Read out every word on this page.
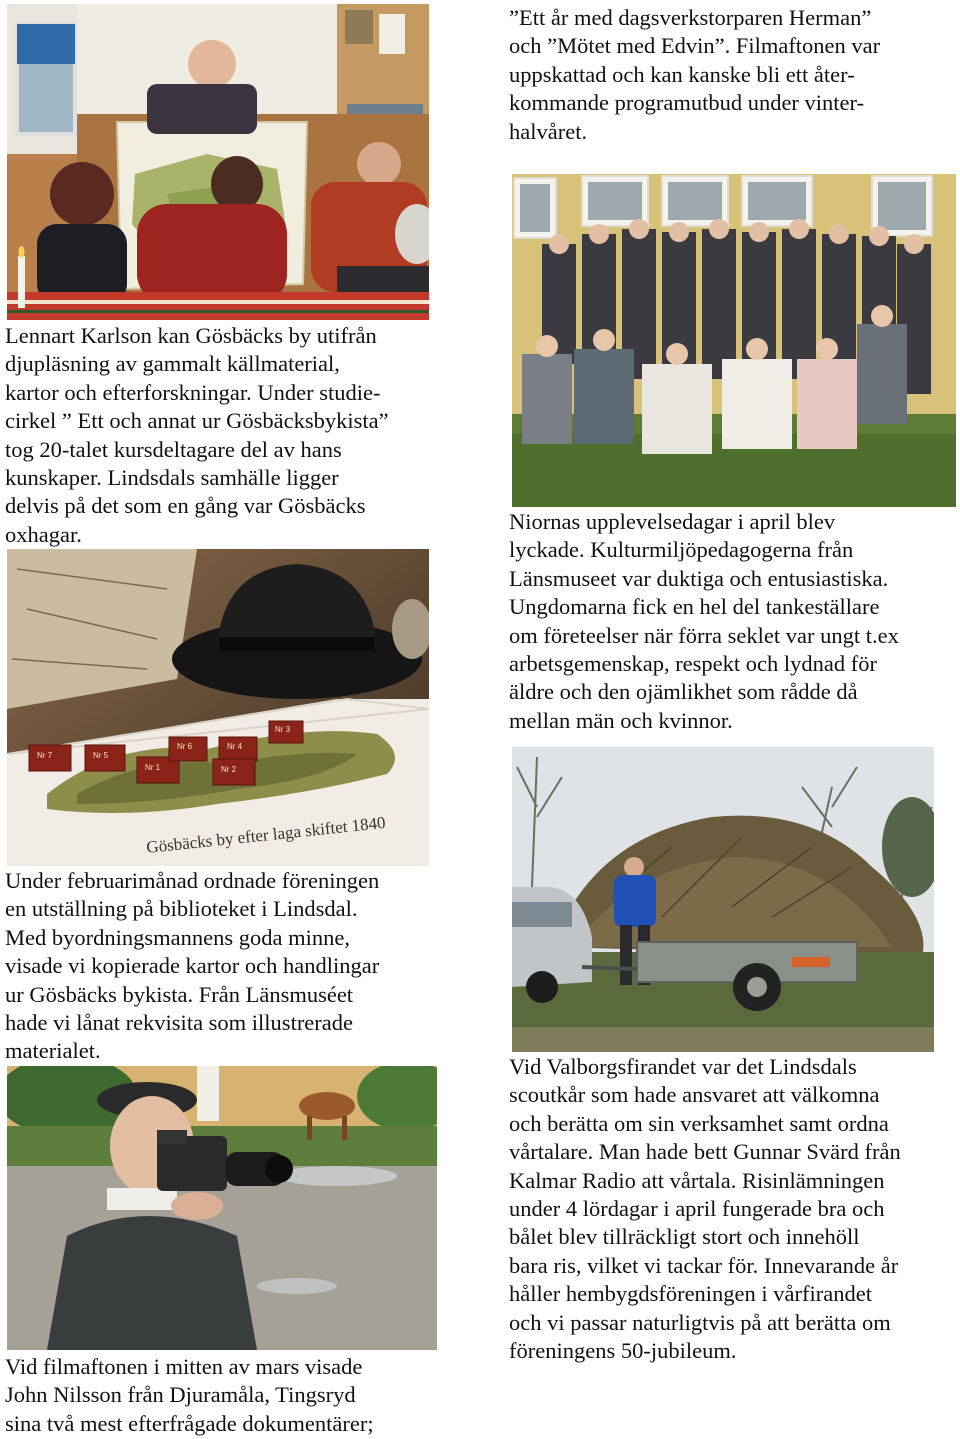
Lennart Karlson kan Gösbäcks by utifrån
djupläsning av gammalt källmaterial,
kartor och efterforskningar. Under studie-
cirkel ” Ett och annat ur Gösbäcksbykista”
tog 20-talet kursdeltagare del av hans
kunskaper. Lindsdals samhälle ligger
delvis på det som en gång var Gösbäcks
oxhagar.

Nr 7	Nr 5
Nr 1
Nr 6	Nr 4
Nr 2
Nr 3
Gösbäcks by efter laga skiftet 1840

Under februarimånad ordnade föreningen
en utställning på biblioteket i Lindsdal.
Med byordningsmannens goda minne,
visade vi kopierade kartor och handlingar
ur Gösbäcks bykista. Från Länsmuséet
hade vi lånat rekvisita som illustrerade
materialet.

Vid filmaftonen i mitten av mars visade
John Nilsson från Djuramåla, Tingsryd
sina två mest efterfrågade dokumentärer;

”Ett år med dagsverkstorparen Herman”
och ”Mötet med Edvin”. Filmaftonen var
uppskattad och kan kanske bli ett åter-
kommande programutbud under vinter-
halvåret.

Niornas upplevelsedagar i april blev
lyckade. Kulturmiljöpedagogerna från
Länsmuseet var duktiga och entusiastiska.
Ungdomarna fick en hel del tankeställare
om företeelser när förra seklet var ungt t.ex
arbetsgemenskap, respekt och lydnad för
äldre och den ojämlikhet som rådde då
mellan män och kvinnor.

Vid Valborgsfirandet var det Lindsdals
scoutkår som hade ansvaret att välkomna
och berätta om sin verksamhet samt ordna
vårtalare. Man hade bett Gunnar Svärd från
Kalmar Radio att vårtala. Risinlämningen
under 4 lördagar i april fungerade bra och
bålet blev tillräckligt stort och innehöll
bara ris, vilket vi tackar för. Innevarande år
håller hembygdsföreningen i vårfirandet
och vi passar naturligtvis på att berätta om
föreningens 50-jubileum.
